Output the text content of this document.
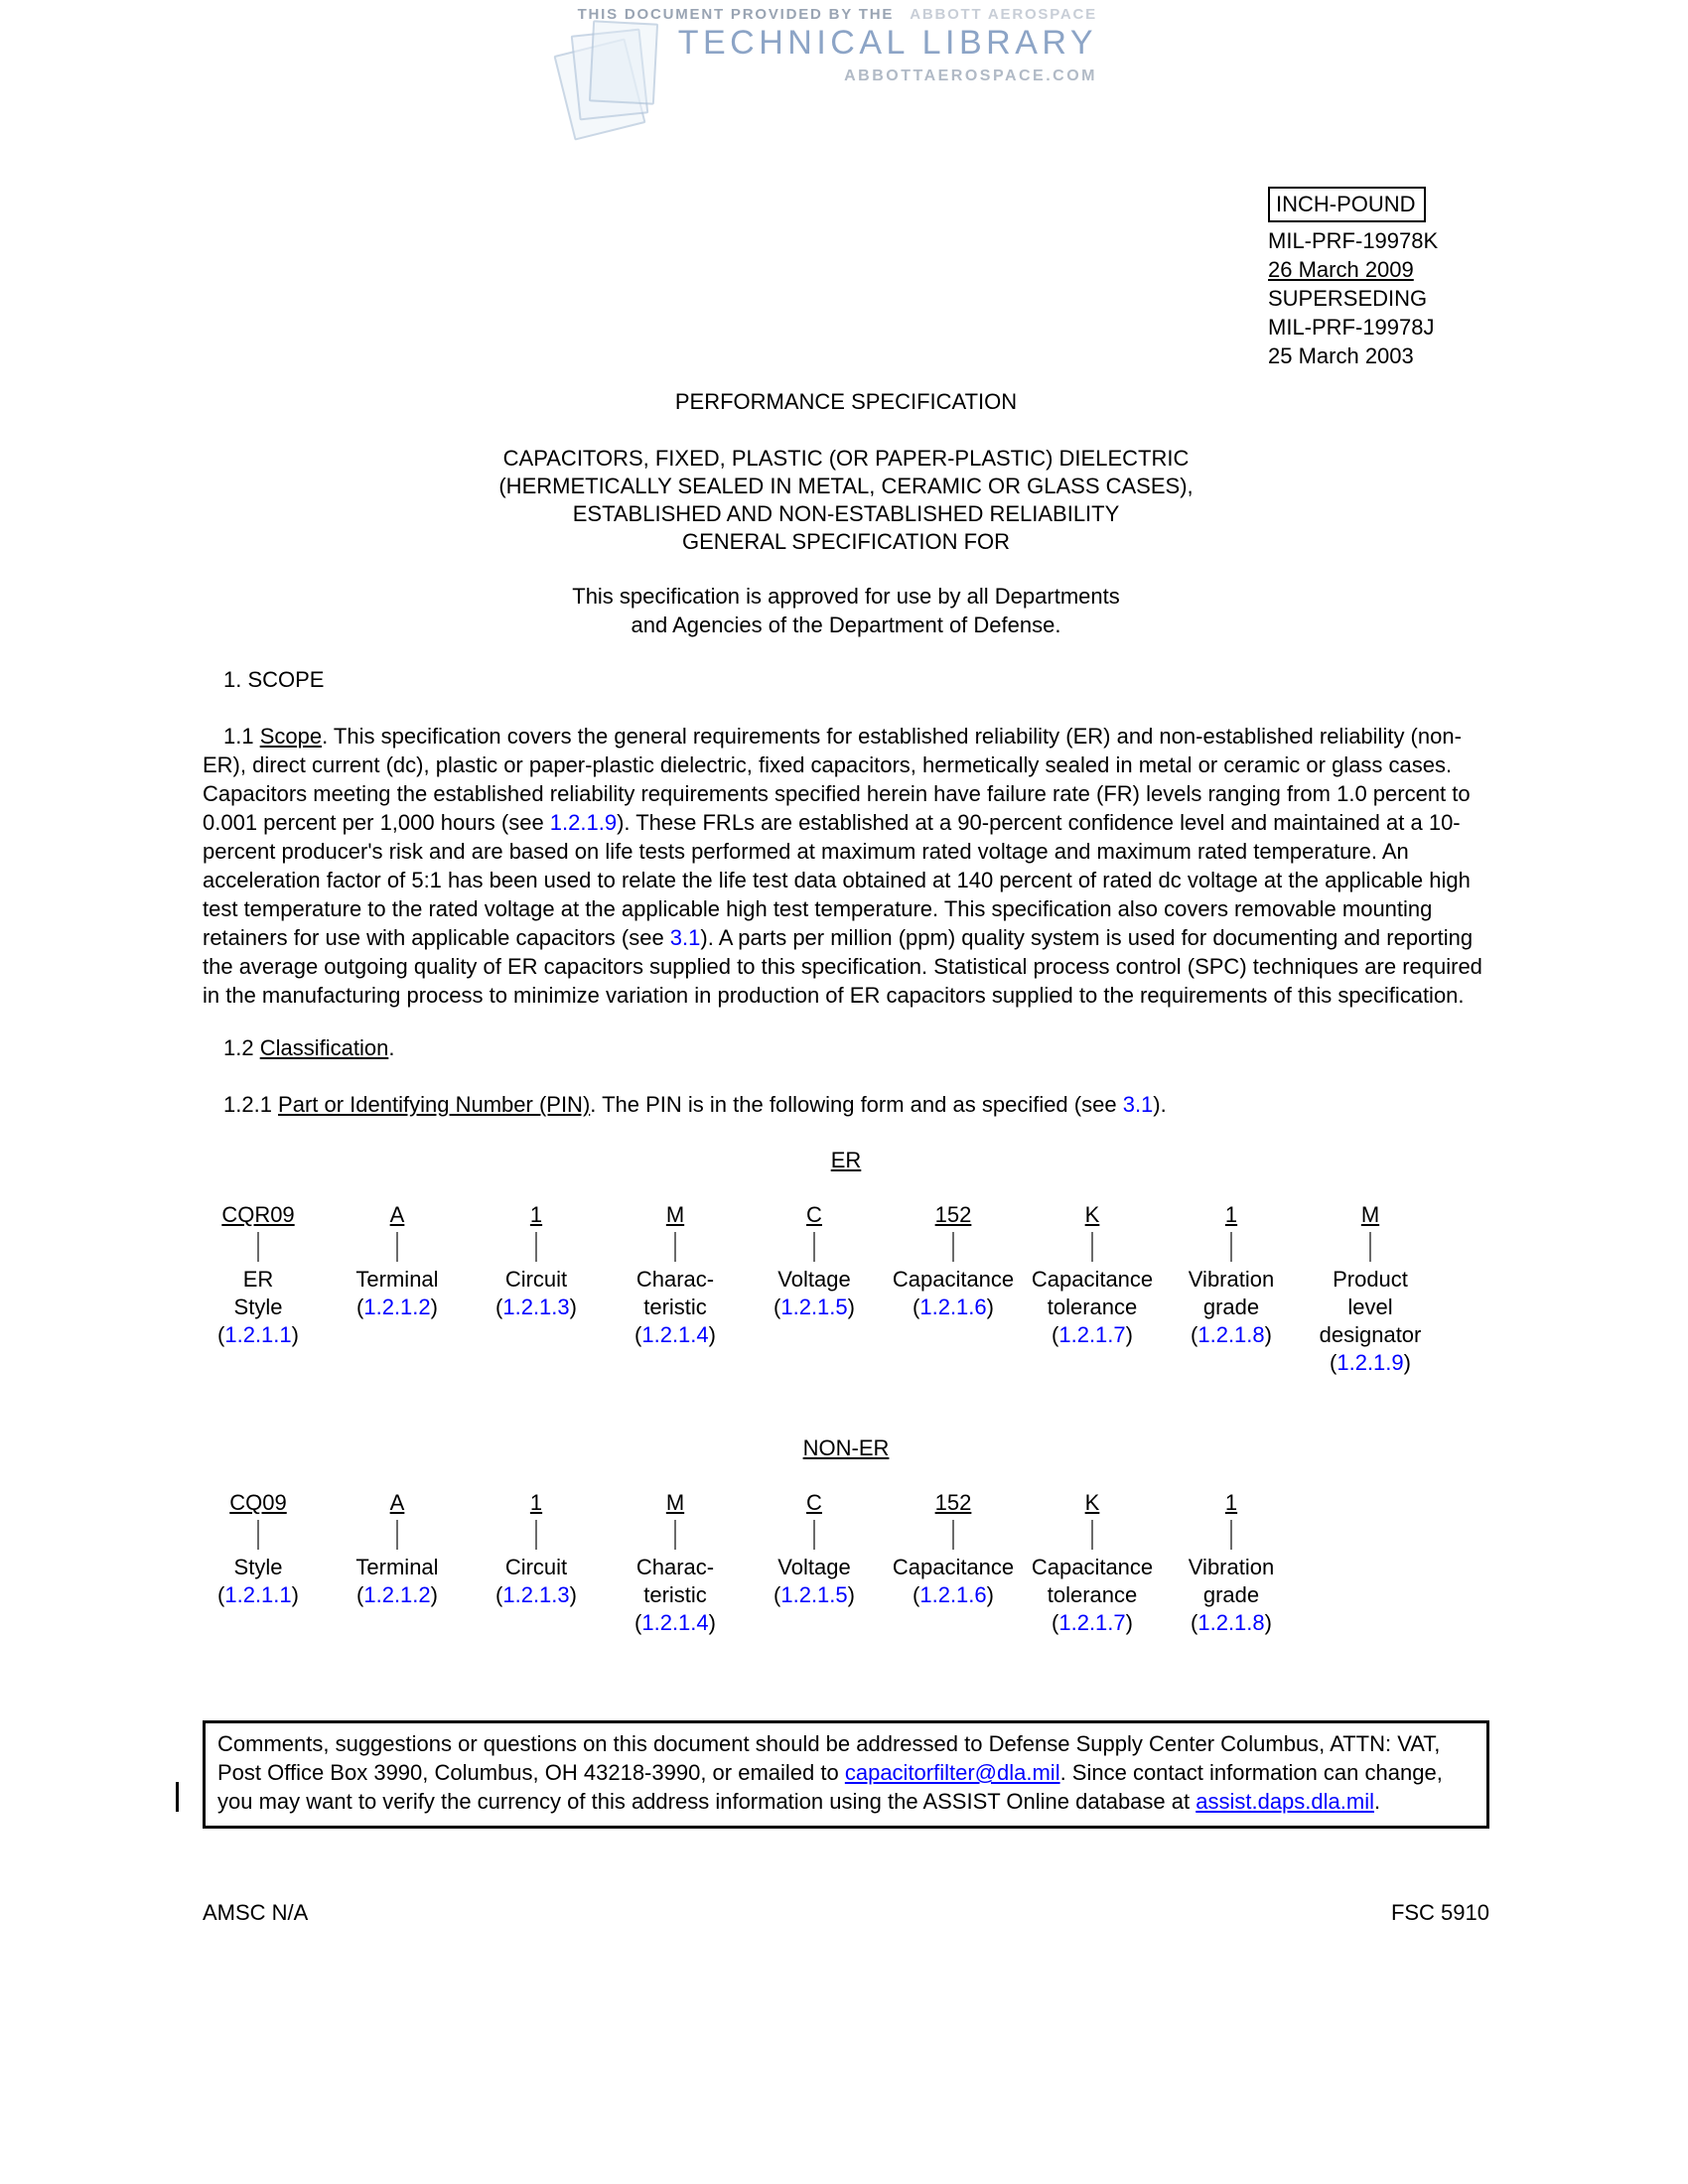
THIS DOCUMENT PROVIDED BY THE ABBOTT AEROSPACE
TECHNICAL LIBRARY
ABBOTTAEROSPACE.COM
INCH-POUND
MIL-PRF-19978K
26 March 2009
SUPERSEDING
MIL-PRF-19978J
25 March 2003
PERFORMANCE SPECIFICATION
CAPACITORS, FIXED, PLASTIC (OR PAPER-PLASTIC) DIELECTRIC
(HERMETICALLY SEALED IN METAL, CERAMIC OR GLASS CASES),
ESTABLISHED AND NON-ESTABLISHED RELIABILITY
GENERAL SPECIFICATION FOR
This specification is approved for use by all Departments
and Agencies of the Department of Defense.
1. SCOPE
1.1 Scope. This specification covers the general requirements for established reliability (ER) and non-established reliability (non-ER), direct current (dc), plastic or paper-plastic dielectric, fixed capacitors, hermetically sealed in metal or ceramic or glass cases. Capacitors meeting the established reliability requirements specified herein have failure rate (FR) levels ranging from 1.0 percent to 0.001 percent per 1,000 hours (see 1.2.1.9). These FRLs are established at a 90-percent confidence level and maintained at a 10-percent producer's risk and are based on life tests performed at maximum rated voltage and maximum rated temperature. An acceleration factor of 5:1 has been used to relate the life test data obtained at 140 percent of rated dc voltage at the applicable high test temperature to the rated voltage at the applicable high test temperature. This specification also covers removable mounting retainers for use with applicable capacitors (see 3.1). A parts per million (ppm) quality system is used for documenting and reporting the average outgoing quality of ER capacitors supplied to this specification. Statistical process control (SPC) techniques are required in the manufacturing process to minimize variation in production of ER capacitors supplied to the requirements of this specification.
1.2 Classification.
1.2.1 Part or Identifying Number (PIN). The PIN is in the following form and as specified (see 3.1).
ER
CQR09
ER
Style
(1.2.1.1)
A
Terminal
(1.2.1.2)
1
Circuit
(1.2.1.3)
M
Charac-
teristic
(1.2.1.4)
C
Voltage
(1.2.1.5)
152
Capacitance
(1.2.1.6)
K
Capacitance
tolerance
(1.2.1.7)
1
Vibration
grade
(1.2.1.8)
M
Product
level
designator
(1.2.1.9)
NON-ER
CQ09
Style
(1.2.1.1)
A
Terminal
(1.2.1.2)
1
Circuit
(1.2.1.3)
M
Charac-
teristic
(1.2.1.4)
C
Voltage
(1.2.1.5)
152
Capacitance
(1.2.1.6)
K
Capacitance
tolerance
(1.2.1.7)
1
Vibration
grade
(1.2.1.8)
Comments, suggestions or questions on this document should be addressed to Defense Supply Center Columbus, ATTN: VAT, Post Office Box 3990, Columbus, OH 43218-3990, or emailed to capacitorfilter@dla.mil. Since contact information can change, you may want to verify the currency of this address information using the ASSIST Online database at assist.daps.dla.mil.
AMSC N/A	FSC 5910
